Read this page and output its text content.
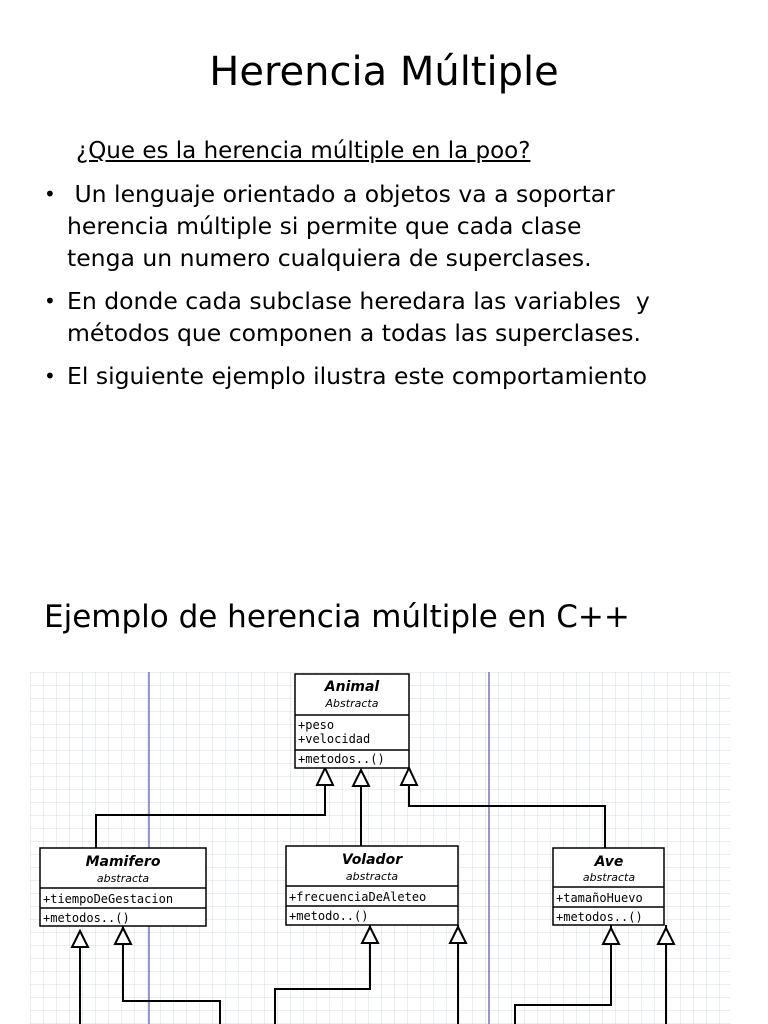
Herencia Múltiple
¿Que es la herencia múltiple en la poo?
• Un lenguaje orientado a objetos va a soportar
herencia múltiple si permite que cada clase
tenga un numero cualquiera de superclases.
• En donde cada subclase heredara las variables  y
métodos que componen a todas las superclases.
• El siguiente ejemplo ilustra este comportamiento
Ejemplo de herencia múltiple en C++
Animal
Abstracta
+peso
+velocidad
+metodos..()
Mamifero
abstracta
+tiempoDeGestacion
+metodos..()
Volador
abstracta
+frecuenciaDeAleteo
+metodo..()
Ave
abstracta
+tamañoHuevo
+metodos..()
